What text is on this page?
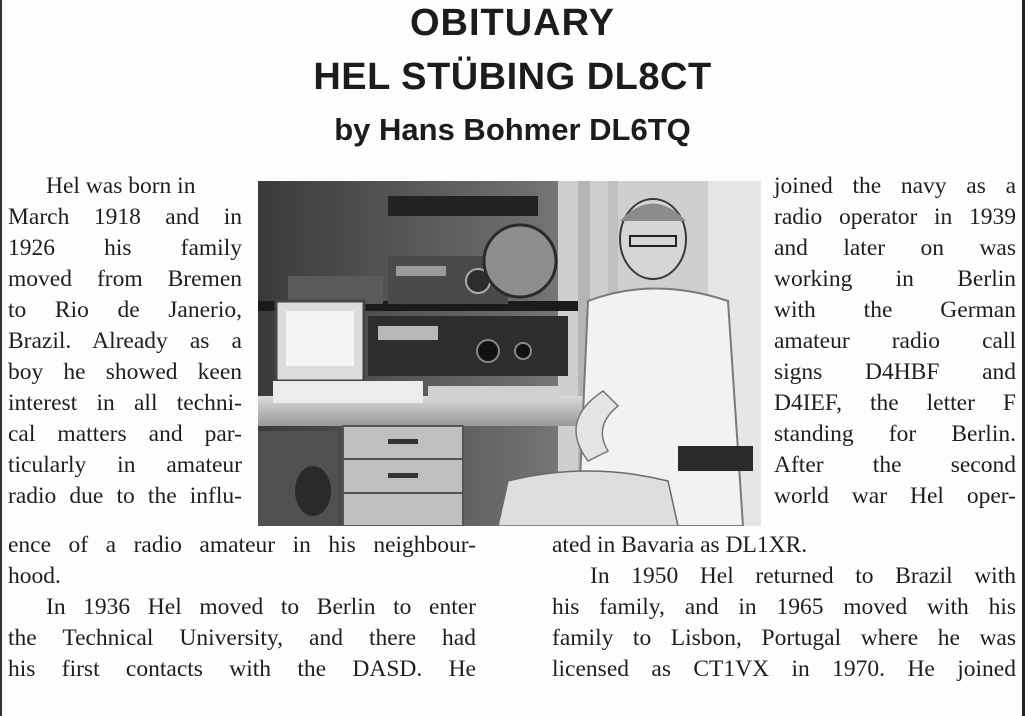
OBITUARY
HEL STÜBING DL8CT
by Hans Bohmer DL6TQ
Hel was born in
March 1918 and in
1926 his family
moved from Bremen
to Rio de Janerio,
Brazil. Already as a
boy he showed keen
interest in all techni-
cal matters and par-
ticularly in amateur
radio due to the influ-
joined the navy as a
radio operator in 1939
and later on was
working in Berlin
with the German
amateur radio call
signs D4HBF and
D4IEF, the letter F
standing for Berlin.
After the second
world war Hel oper-
ence of a radio amateur in his neighbour-
hood.
In 1936 Hel moved to Berlin to enter
the Technical University, and there had
his first contacts with the DASD. He
ated in Bavaria as DL1XR.
In 1950 Hel returned to Brazil with
his family, and in 1965 moved with his
family to Lisbon, Portugal where he was
licensed as CT1VX in 1970. He joined
